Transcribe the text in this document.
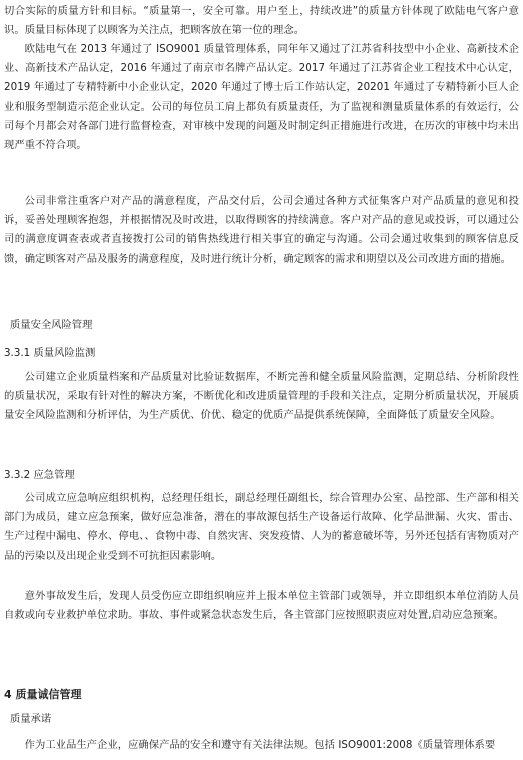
切合实际的质量方针和目标。“质量第一，安全可靠。用户至上，持续改进”的质量方针体现了欧陆电气客户意识。质量目标体现了以顾客为关注点，把顾客放在第一位的理念。

欧陆电气在 2013 年通过了 ISO9001 质量管理体系，同年年又通过了江苏省科技型中小企业、高新技术企业、高新技术产品认定，2016 年通过了南京市名牌产品认定。2017 年通过了江苏省企业工程技术中心认定，2019 年通过了专精特新中小企业认定，2020 年通过了博士后工作站认定，20201 年通过了专精特新小巨人企业和服务型制造示范企业认定。公司的每位员工肩上都负有质量责任，为了监视和测量质量体系的有效运行，公司每个月都会对各部门进行监督检查，对审核中发现的问题及时制定纠正措施进行改进，在历次的审核中均未出现严重不符合项。

公司非常注重客户对产品的满意程度，产品交付后，公司会通过各种方式征集客户对产品质量的意见和投诉，妥善处理顾客抱怨，并根据情况及时改进，以取得顾客的持续满意。客户对产品的意见或投诉，可以通过公司的满意度调查表或者直接拨打公司的销售热线进行相关事宜的确定与沟通。公司会通过收集到的顾客信息反馈，确定顾客对产品及服务的满意程度，及时进行统计分析，确定顾客的需求和期望以及公司改进方面的措施。

质量安全风险管理

3.3.1 质量风险监测

公司建立企业质量档案和产品质量对比验证数据库，不断完善和健全质量风险监测，定期总结、分析阶段性的质量状况，采取有针对性的解决方案，不断优化和改进质量管理的手段和关注点，定期分析质量状况，开展质量安全风险监测和分析评估，为生产质优、价优、稳定的优质产品提供系统保障，全面降低了质量安全风险。

3.3.2 应急管理

公司成立应急响应组织机构，总经理任组长，副总经理任副组长，综合管理办公室、品控部、生产部和相关部门为成员，建立应急预案，做好应急准备，潜在的事故源包括生产设备运行故障、化学品泄漏、火灾、雷击、生产过程中漏电、停水、停电、、食物中毒、自然灾害、突发疫情、人为的蓄意破坏等，另外还包括有害物质对产品的污染以及出现企业受到不可抗拒因素影响。

意外事故发生后，发现人员受伤应立即组织响应并上报本单位主管部门或领导，并立即组织本单位消防人员自救或向专业救护单位求助。事故、事件或紧急状态发生后，各主管部门应按照职责应对处置,启动应急预案。

4 质量诚信管理

质量承诺

作为工业品生产企业，应确保产品的安全和遵守有关法律法规。包括 ISO9001:2008《质量管理体系要
